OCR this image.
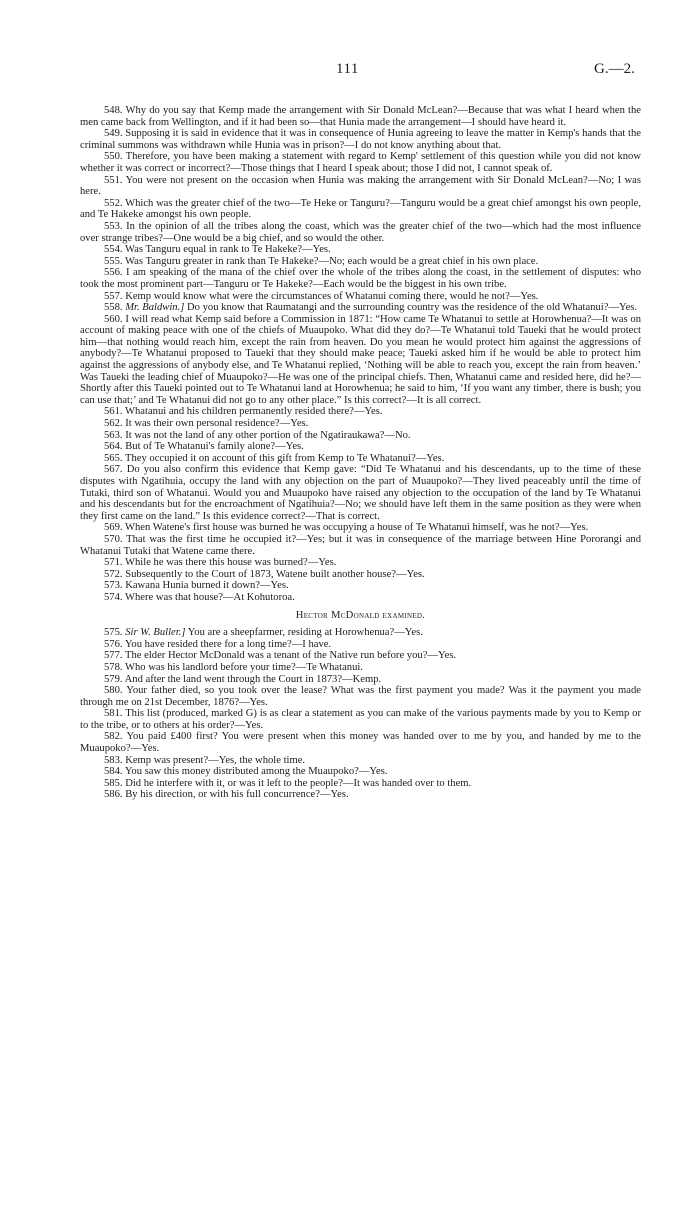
111	G.—2.

548. Why do you say that Kemp made the arrangement with Sir Donald McLean?—Because that was what I heard when the men came back from Wellington, and if it had been so—that Hunia made the arrangement—I should have heard it.

549. Supposing it is said in evidence that it was in consequence of Hunia agreeing to leave the matter in Kemp's hands that the criminal summons was withdrawn while Hunia was in prison?—I do not know anything about that.

550. Therefore, you have been making a statement with regard to Kemp' settlement of this question while you did not know whether it was correct or incorrect?—Those things that I heard I speak about; those I did not, I cannot speak of.

551. You were not present on the occasion when Hunia was making the arrangement with Sir Donald McLean?—No; I was here.

552. Which was the greater chief of the two—Te Heke or Tanguru?—Tanguru would be a great chief amongst his own people, and Te Hakeke amongst his own people.

553. In the opinion of all the tribes along the coast, which was the greater chief of the two—which had the most influence over strange tribes?—One would be a big chief, and so would the other.

554. Was Tanguru equal in rank to Te Hakeke?—Yes.

555. Was Tanguru greater in rank than Te Hakeke?—No; each would be a great chief in his own place.

556. I am speaking of the mana of the chief over the whole of the tribes along the coast, in the settlement of disputes: who took the most prominent part—Tanguru or Te Hakeke?—Each would be the biggest in his own tribe.

557. Kemp would know what were the circumstances of Whatanui coming there, would he not?—Yes.

558. Mr. Baldwin.] Do you know that Raumatangi and the surrounding country was the residence of the old Whatanui?—Yes.

560. I will read what Kemp said before a Commission in 1871: “How came Te Whatanui to settle at Horowhenua?—It was on account of making peace with one of the chiefs of Muaupoko. What did they do?—Te Whatanui told Taueki that he would protect him—that nothing would reach him, except the rain from heaven. Do you mean he would protect him against the aggressions of anybody?—Te Whatanui proposed to Taueki that they should make peace; Taueki asked him if he would be able to protect him against the aggressions of anybody else, and Te Whatanui replied, ‘Nothing will be able to reach you, except the rain from heaven.’ Was Taueki the leading chief of Muaupoko?—He was one of the principal chiefs. Then, Whatanui came and resided here, did he?—Shortly after this Taueki pointed out to Te Whatanui land at Horowhenua; he said to him, ‘If you want any timber, there is bush; you can use that;’ and Te Whatanui did not go to any other place.” Is this correct?—It is all correct.

561. Whatanui and his children permanently resided there?—Yes.

562. It was their own personal residence?—Yes.

563. It was not the land of any other portion of the Ngatiraukawa?—No.

564. But of Te Whatanui's family alone?—Yes.

565. They occupied it on account of this gift from Kemp to Te Whatanui?—Yes.

567. Do you also confirm this evidence that Kemp gave: “Did Te Whatanui and his descendants, up to the time of these disputes with Ngatihuia, occupy the land with any objection on the part of Muaupoko?—They lived peaceably until the time of Tutaki, third son of Whatanui. Would you and Muaupoko have raised any objection to the occupation of the land by Te Whatanui and his descendants but for the encroachment of Ngatihuia?—No; we should have left them in the same position as they were when they first came on the land.” Is this evidence correct?—That is correct.

569. When Watene's first house was burned he was occupying a house of Te Whatanui himself, was he not?—Yes.

570. That was the first time he occupied it?—Yes; but it was in consequence of the marriage between Hine Pororangi and Whatanui Tutaki that Watene came there.

571. While he was there this house was burned?—Yes.

572. Subsequently to the Court of 1873, Watene built another house?—Yes.

573. Kawana Hunia burned it down?—Yes.

574. Where was that house?—At Kohutoroa.

Hector McDonald examined.

575. Sir W. Buller.] You are a sheepfarmer, residing at Horowhenua?—Yes.

576. You have resided there for a long time?—I have.

577. The elder Hector McDonald was a tenant of the Native run before you?—Yes.

578. Who was his landlord before your time?—Te Whatanui.

579. And after the land went through the Court in 1873?—Kemp.

580. Your father died, so you took over the lease? What was the first payment you made? Was it the payment you made through me on 21st December, 1876?—Yes.

581. This list (produced, marked G) is as clear a statement as you can make of the various payments made by you to Kemp or to the tribe, or to others at his order?—Yes.

582. You paid £400 first? You were present when this money was handed over to me by you, and handed by me to the Muaupoko?—Yes.

583. Kemp was present?—Yes, the whole time.

584. You saw this money distributed among the Muaupoko?—Yes.

585. Did he interfere with it, or was it left to the people?—It was handed over to them.

586. By his direction, or with his full concurrence?—Yes.
